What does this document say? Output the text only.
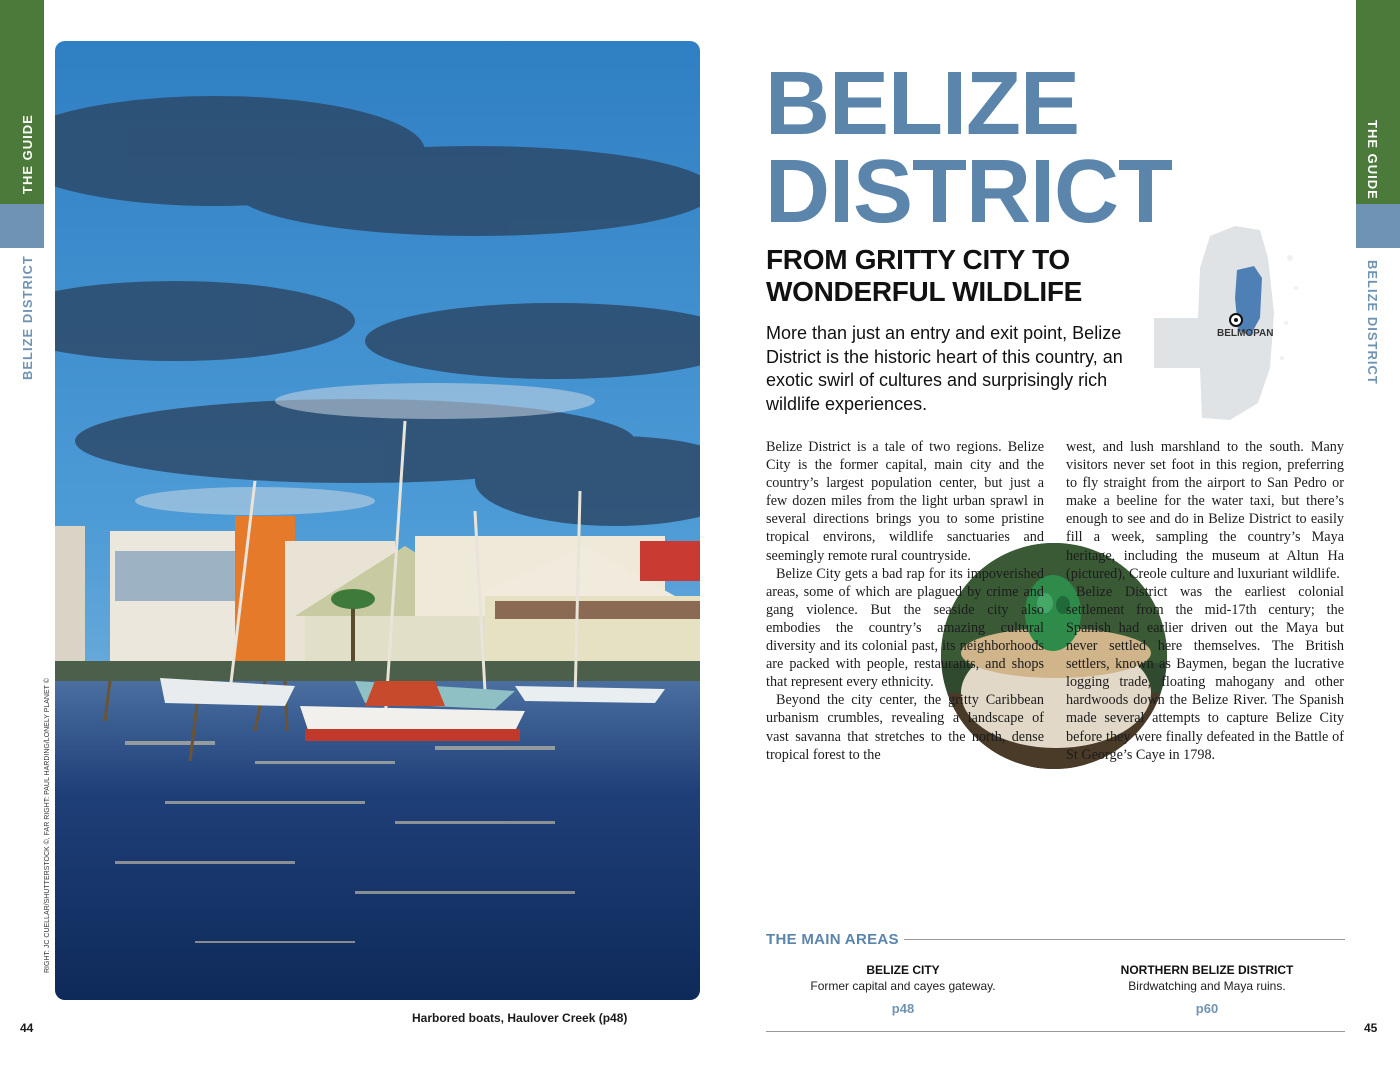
THE GUIDE
BELIZE DISTRICT
THE GUIDE
BELIZE DISTRICT
RIGHT: JC CUELLAR/SHUTTERSTOCK ©, FAR RIGHT: PAUL HARDING/LONELY PLANET ©
Harbored boats, Haulover Creek (p48)
44	45
BELIZE
DISTRICT
FROM GRITTY CITY TO
WONDERFUL WILDLIFE

More than just an entry and exit point, Belize District is the historic heart of this country, an exotic swirl of cultures and surprisingly rich wildlife experiences.

BELMOPAN

Belize District is a tale of two regions. Belize City is the former capital, main city and the country’s largest population center, but just a few dozen miles from the light urban sprawl in several directions brings you to some pristine tropical environs, wildlife sanctuaries and seemingly remote rural countryside.

Belize City gets a bad rap for its impoverished areas, some of which are plagued by crime and gang violence. But the seaside city also embodies the country’s amazing cultural diversity and its colonial past, its neighborhoods are packed with people, restaurants, and shops that represent every ethnicity.

Beyond the city center, the gritty Caribbean urbanism crumbles, revealing a landscape of vast savanna that stretches to the north, dense tropical forest to the

west, and lush marshland to the south. Many visitors never set foot in this region, preferring to fly straight from the airport to San Pedro or make a beeline for the water taxi, but there’s enough to see and do in Belize District to easily fill a week, sampling the country’s Maya heritage, including the museum at Altun Ha (pictured), Creole culture and luxuriant wildlife.

Belize District was the earliest colonial settlement from the mid-17th century; the Spanish had earlier driven out the Maya but never settled here themselves. The British settlers, known as Baymen, began the lucrative logging trade, floating mahogany and other hardwoods down the Belize River. The Spanish made several attempts to capture Belize City before they were finally defeated in the Battle of St George’s Caye in 1798.

THE MAIN AREAS
BELIZE CITY
Former capital and cayes gateway.
p48
NORTHERN BELIZE DISTRICT
Birdwatching and Maya ruins.
p60
